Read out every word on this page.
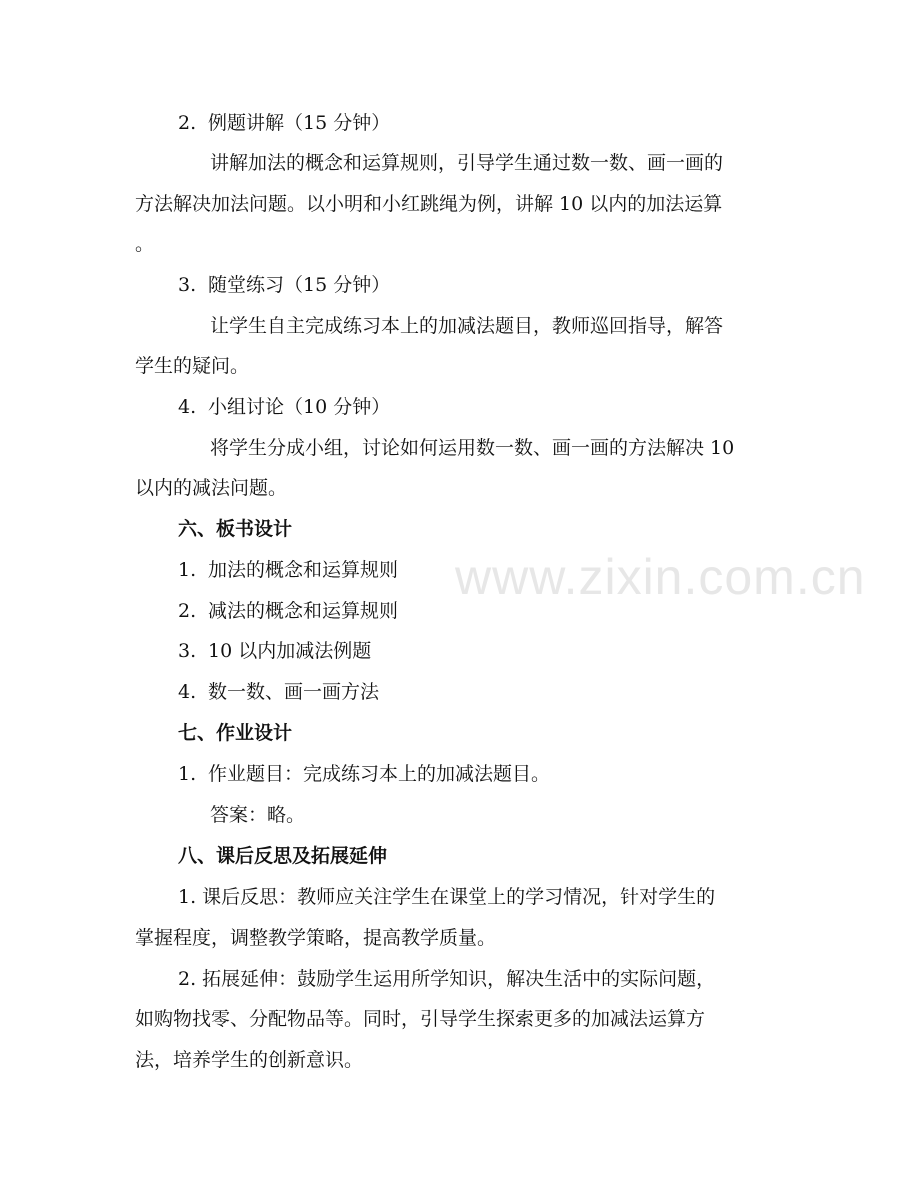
www.zixin.com.cn
2. 例题讲解（15 分钟）
讲解加法的概念和运算规则，引导学生通过数一数、画一画的
方法解决加法问题。以小明和小红跳绳为例，讲解 10 以内的加法运算
。
3. 随堂练习（15 分钟）
让学生自主完成练习本上的加减法题目，教师巡回指导，解答
学生的疑问。
4. 小组讨论（10 分钟）
将学生分成小组，讨论如何运用数一数、画一画的方法解决 10
以内的减法问题。
六、板书设计
1. 加法的概念和运算规则
2. 减法的概念和运算规则
3. 10 以内加减法例题
4. 数一数、画一画方法
七、作业设计
1. 作业题目：完成练习本上的加减法题目。
答案：略。
八、课后反思及拓展延伸
1. 课后反思：教师应关注学生在课堂上的学习情况，针对学生的
掌握程度，调整教学策略，提高教学质量。
2. 拓展延伸：鼓励学生运用所学知识，解决生活中的实际问题，
如购物找零、分配物品等。同时，引导学生探索更多的加减法运算方
法，培养学生的创新意识。
